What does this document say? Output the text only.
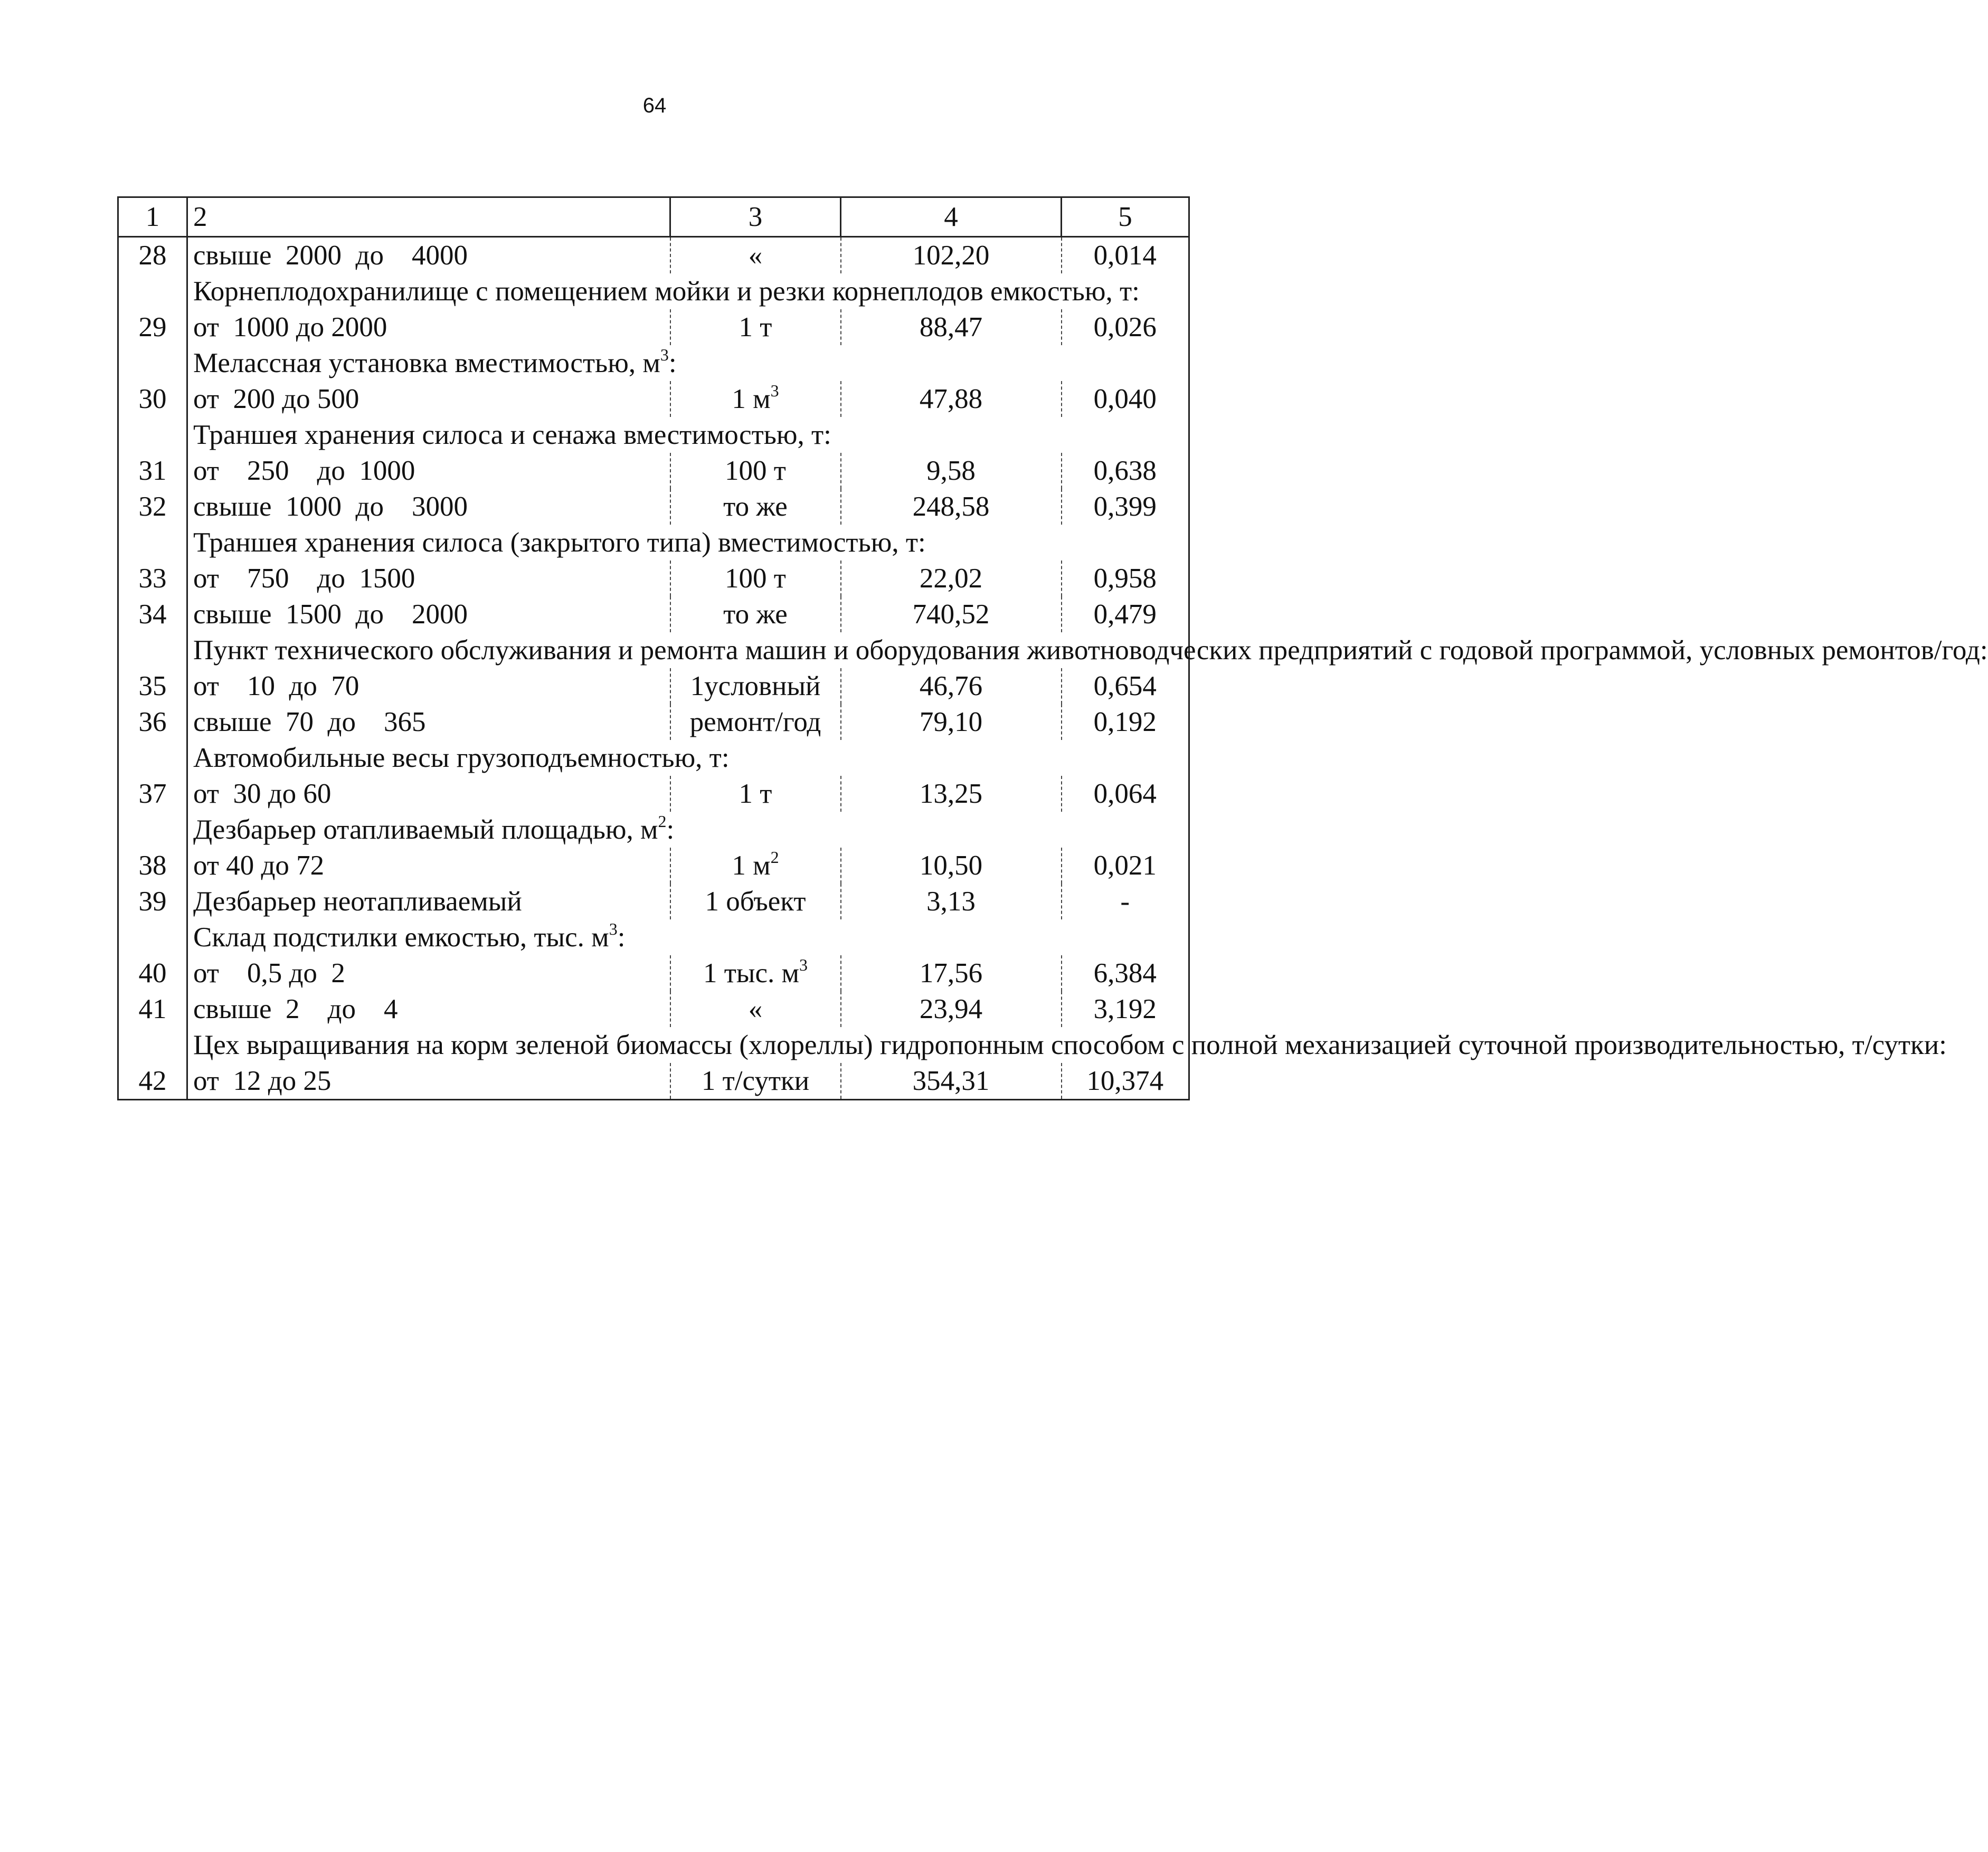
64
1	2	3	4	5
28	свыше  2000  до    4000	«	102,20	0,014
	Корнеплодохранилище с помещением мойки и резки корнеплодов емкостью, т:			
29	от  1000 до 2000	1 т	88,47	0,026
	Мелассная установка вместимостью, $м^3$:			
30	от  200 до 500	1 $м^3$	47,88	0,040
	Траншея хранения силоса и сенажа вместимостью, т:			
31	от    250    до  1000	100 т	9,58	0,638
32	свыше  1000  до    3000	то же	248,58	0,399
	Траншея хранения силоса (закрытого типа) вместимостью, т:			
33	от    750    до  1500	100 т	22,02	0,958
34	свыше  1500  до    2000	то же	740,52	0,479
	Пункт технического обслуживания и ремонта машин и оборудования животноводческих предприятий с годовой программой, условных ремонтов/год:			
35	от    10  до  70	1условный	46,76	0,654
36	свыше  70  до    365	ремонт/год	79,10	0,192
	Автомобильные весы грузоподъемностью, т:			
37	от  30 до 60	1 т	13,25	0,064
	Дезбарьер отапливаемый площадью, $м^2$:			
38	от 40 до 72	1 $м^2$	10,50	0,021
39	Дезбарьер неотапливаемый	1 объект	3,13	-
	Склад подстилки емкостью, тыс. $м^3$:			
40	от    0,5 до  2	1 тыс. $м^3$	17,56	6,384
41	свыше  2    до    4	«	23,94	3,192
	Цех выращивания на корм зеленой биомассы (хлореллы) гидропонным способом с полной механизацией суточной производительностью, т/сутки:			
42	от  12 до 25	1 т/сутки	354,31	10,374
